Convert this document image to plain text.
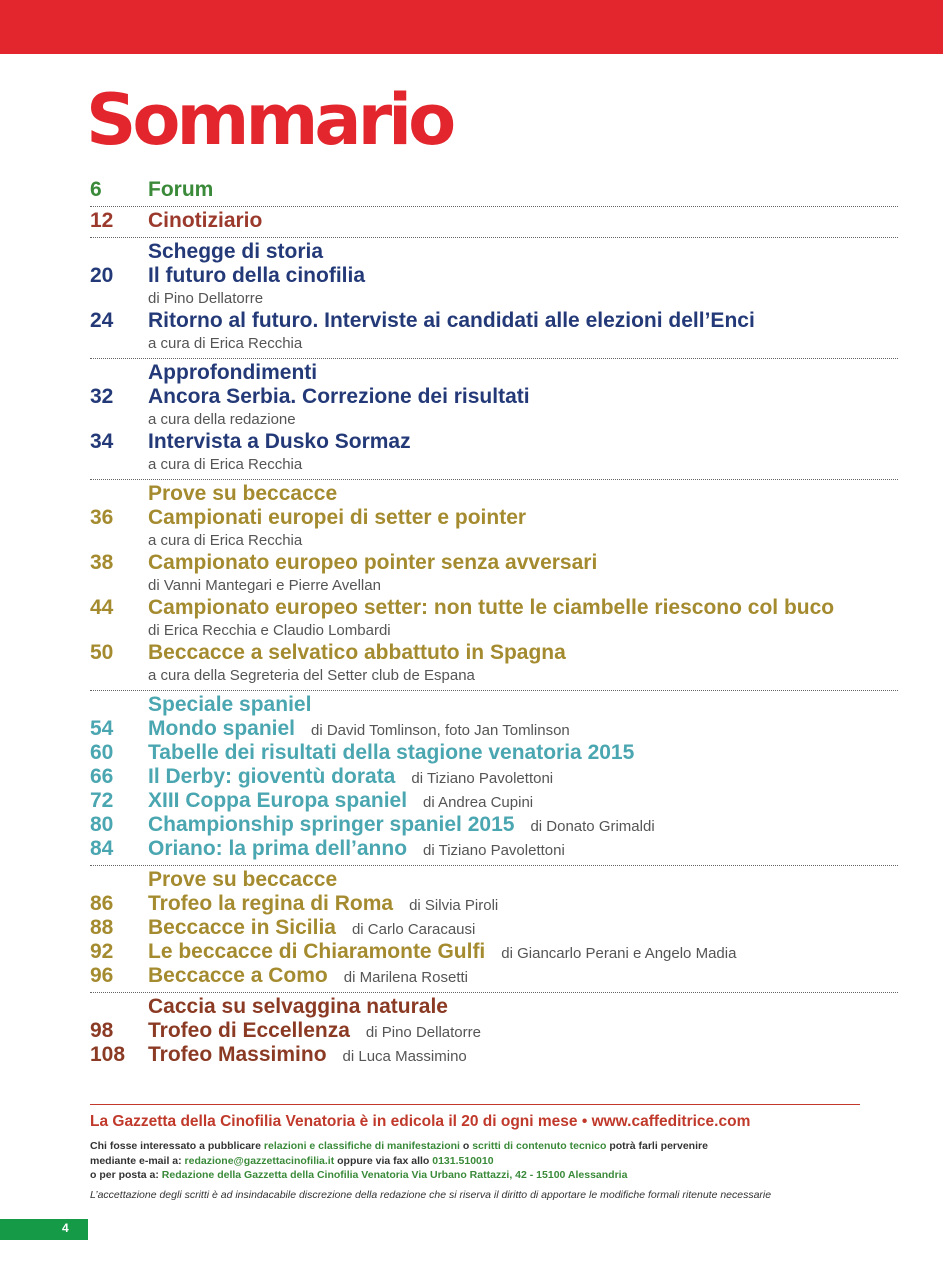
Sommario
6 Forum
12 Cinotiziario
Schegge di storia
20 Il futuro della cinofilia
di Pino Dellatorre
24 Ritorno al futuro. Interviste ai candidati alle elezioni dell’Enci
a cura di Erica Recchia
Approfondimenti
32 Ancora Serbia. Correzione dei risultati
a cura della redazione
34 Intervista a Dusko Sormaz
a cura di Erica Recchia
Prove su beccacce
36 Campionati europei di setter e pointer
a cura di Erica Recchia
38 Campionato europeo pointer senza avversari
di Vanni Mantegari e Pierre Avellan
44 Campionato europeo setter: non tutte le ciambelle riescono col buco
di Erica Recchia e Claudio Lombardi
50 Beccacce a selvatico abbattuto in Spagna
a cura della Segreteria del Setter club de Espana
Speciale spaniel
54 Mondo spaniel di David Tomlinson, foto Jan Tomlinson
60 Tabelle dei risultati della stagione venatoria 2015
66 Il Derby: gioventù dorata di Tiziano Pavolettoni
72 XIII Coppa Europa spaniel di Andrea Cupini
80 Championship springer spaniel 2015 di Donato Grimaldi
84 Oriano: la prima dell’anno di Tiziano Pavolettoni
Prove su beccacce
86 Trofeo la regina di Roma di Silvia Piroli
88 Beccacce in Sicilia di Carlo Caracausi
92 Le beccacce di Chiaramonte Gulfi di Giancarlo Perani e Angelo Madia
96 Beccacce a Como di Marilena Rosetti
Caccia su selvaggina naturale
98 Trofeo di Eccellenza di Pino Dellatorre
108 Trofeo Massimino di Luca Massimino
La Gazzetta della Cinofilia Venatoria è in edicola il 20 di ogni mese • www.caffeditrice.com
Chi fosse interessato a pubblicare relazioni e classifiche di manifestazioni o scritti di contenuto tecnico potrà farli pervenire
mediante e-mail a: redazione@gazzettacinofilia.it oppure via fax allo 0131.510010
o per posta a: Redazione della Gazzetta della Cinofilia Venatoria Via Urbano Rattazzi, 42 - 15100 Alessandria
L’accettazione degli scritti è ad insindacabile discrezione della redazione che si riserva il diritto di apportare le modifiche formali ritenute necessarie
4
